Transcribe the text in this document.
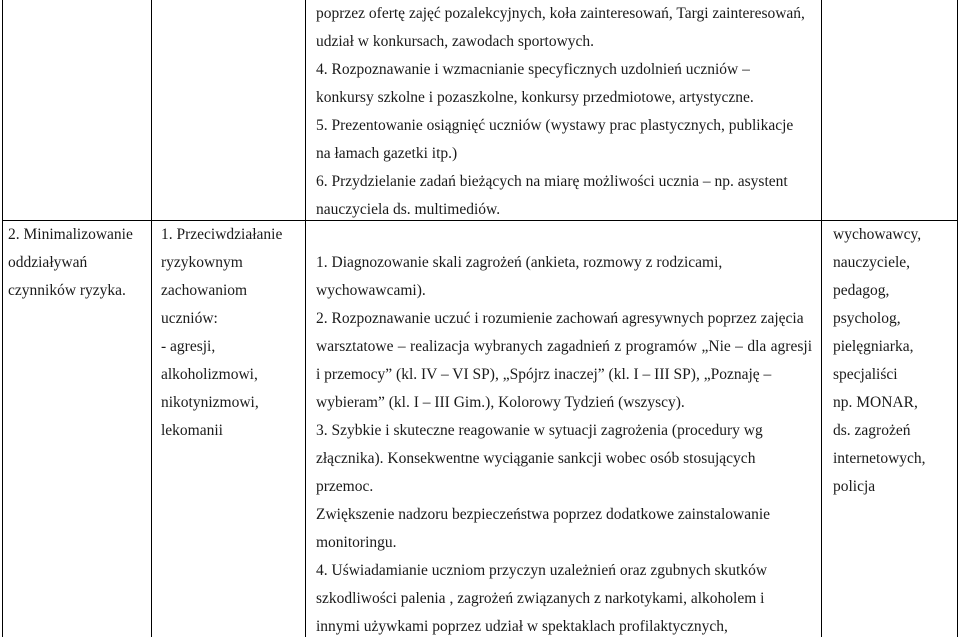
poprzez ofertę zajęć pozalekcyjnych, koła zainteresowań, Targi zainteresowań,
udział w konkursach, zawodach sportowych.
4. Rozpoznawanie i wzmacnianie specyficznych uzdolnień uczniów –
konkursy szkolne i pozaszkolne, konkursy przedmiotowe, artystyczne.
5. Prezentowanie osiągnięć uczniów (wystawy prac plastycznych, publikacje
na łamach gazetki itp.)
6. Przydzielanie zadań bieżących na miarę możliwości ucznia – np. asystent
nauczyciela ds. multimediów.
2. Minimalizowanie
oddziaływań
czynników ryzyka.
1. Przeciwdziałanie
ryzykownym
zachowaniom
uczniów:
- agresji,
alkoholizmowi,
nikotynizmowi,
lekomanii
1. Diagnozowanie skali zagrożeń (ankieta, rozmowy z rodzicami,
wychowawcami).
2. Rozpoznawanie uczuć i rozumienie zachowań agresywnych poprzez zajęcia
warsztatowe – realizacja wybranych zagadnień z programów „Nie – dla agresji
i przemocy” (kl. IV – VI SP), „Spójrz inaczej” (kl. I – III SP), „Poznaję –
wybieram” (kl. I – III Gim.), Kolorowy Tydzień (wszyscy).
3. Szybkie i skuteczne reagowanie w sytuacji zagrożenia (procedury wg
złącznika). Konsekwentne wyciąganie sankcji wobec osób stosujących
przemoc.
Zwiększenie nadzoru bezpieczeństwa poprzez dodatkowe zainstalowanie
monitoringu.
4. Uświadamianie uczniom przyczyn uzależnień oraz zgubnych skutków
szkodliwości palenia , zagrożeń związanych z narkotykami, alkoholem i
innymi używkami poprzez udział w spektaklach profilaktycznych,
wychowawcy,
nauczyciele,
pedagog,
psycholog,
pielęgniarka,
specjaliści
np. MONAR,
ds. zagrożeń
internetowych,
policja
